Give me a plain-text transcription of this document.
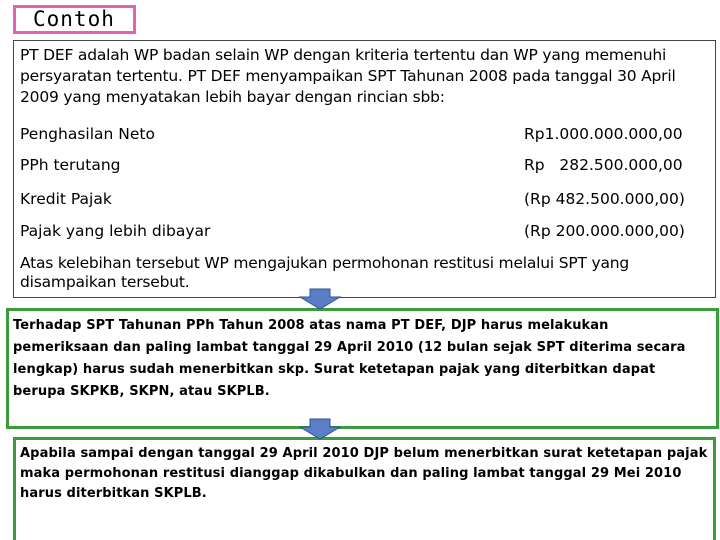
Contoh
PT DEF adalah WP badan selain WP dengan kriteria tertentu dan WP yang memenuhi persyaratan tertentu. PT DEF menyampaikan SPT Tahunan 2008 pada tanggal 30 April 2009 yang menyatakan lebih bayar dengan rincian sbb:
Penghasilan Neto	Rp1.000.000.000,00
PPh terutang	Rp   282.500.000,00
Kredit Pajak	(Rp 482.500.000,00)
Pajak yang lebih dibayar	(Rp 200.000.000,00)
Atas kelebihan tersebut WP mengajukan permohonan restitusi melalui SPT yang disampaikan tersebut.
Terhadap SPT Tahunan PPh Tahun 2008 atas nama PT DEF, DJP harus melakukan pemeriksaan dan paling lambat tanggal 29 April 2010 (12 bulan sejak SPT diterima secara lengkap) harus sudah menerbitkan skp. Surat ketetapan pajak yang diterbitkan dapat berupa SKPKB, SKPN, atau SKPLB.
Apabila sampai dengan tanggal 29 April 2010 DJP belum menerbitkan surat ketetapan pajak maka permohonan restitusi dianggap dikabulkan dan paling lambat tanggal 29 Mei 2010 harus diterbitkan SKPLB.
